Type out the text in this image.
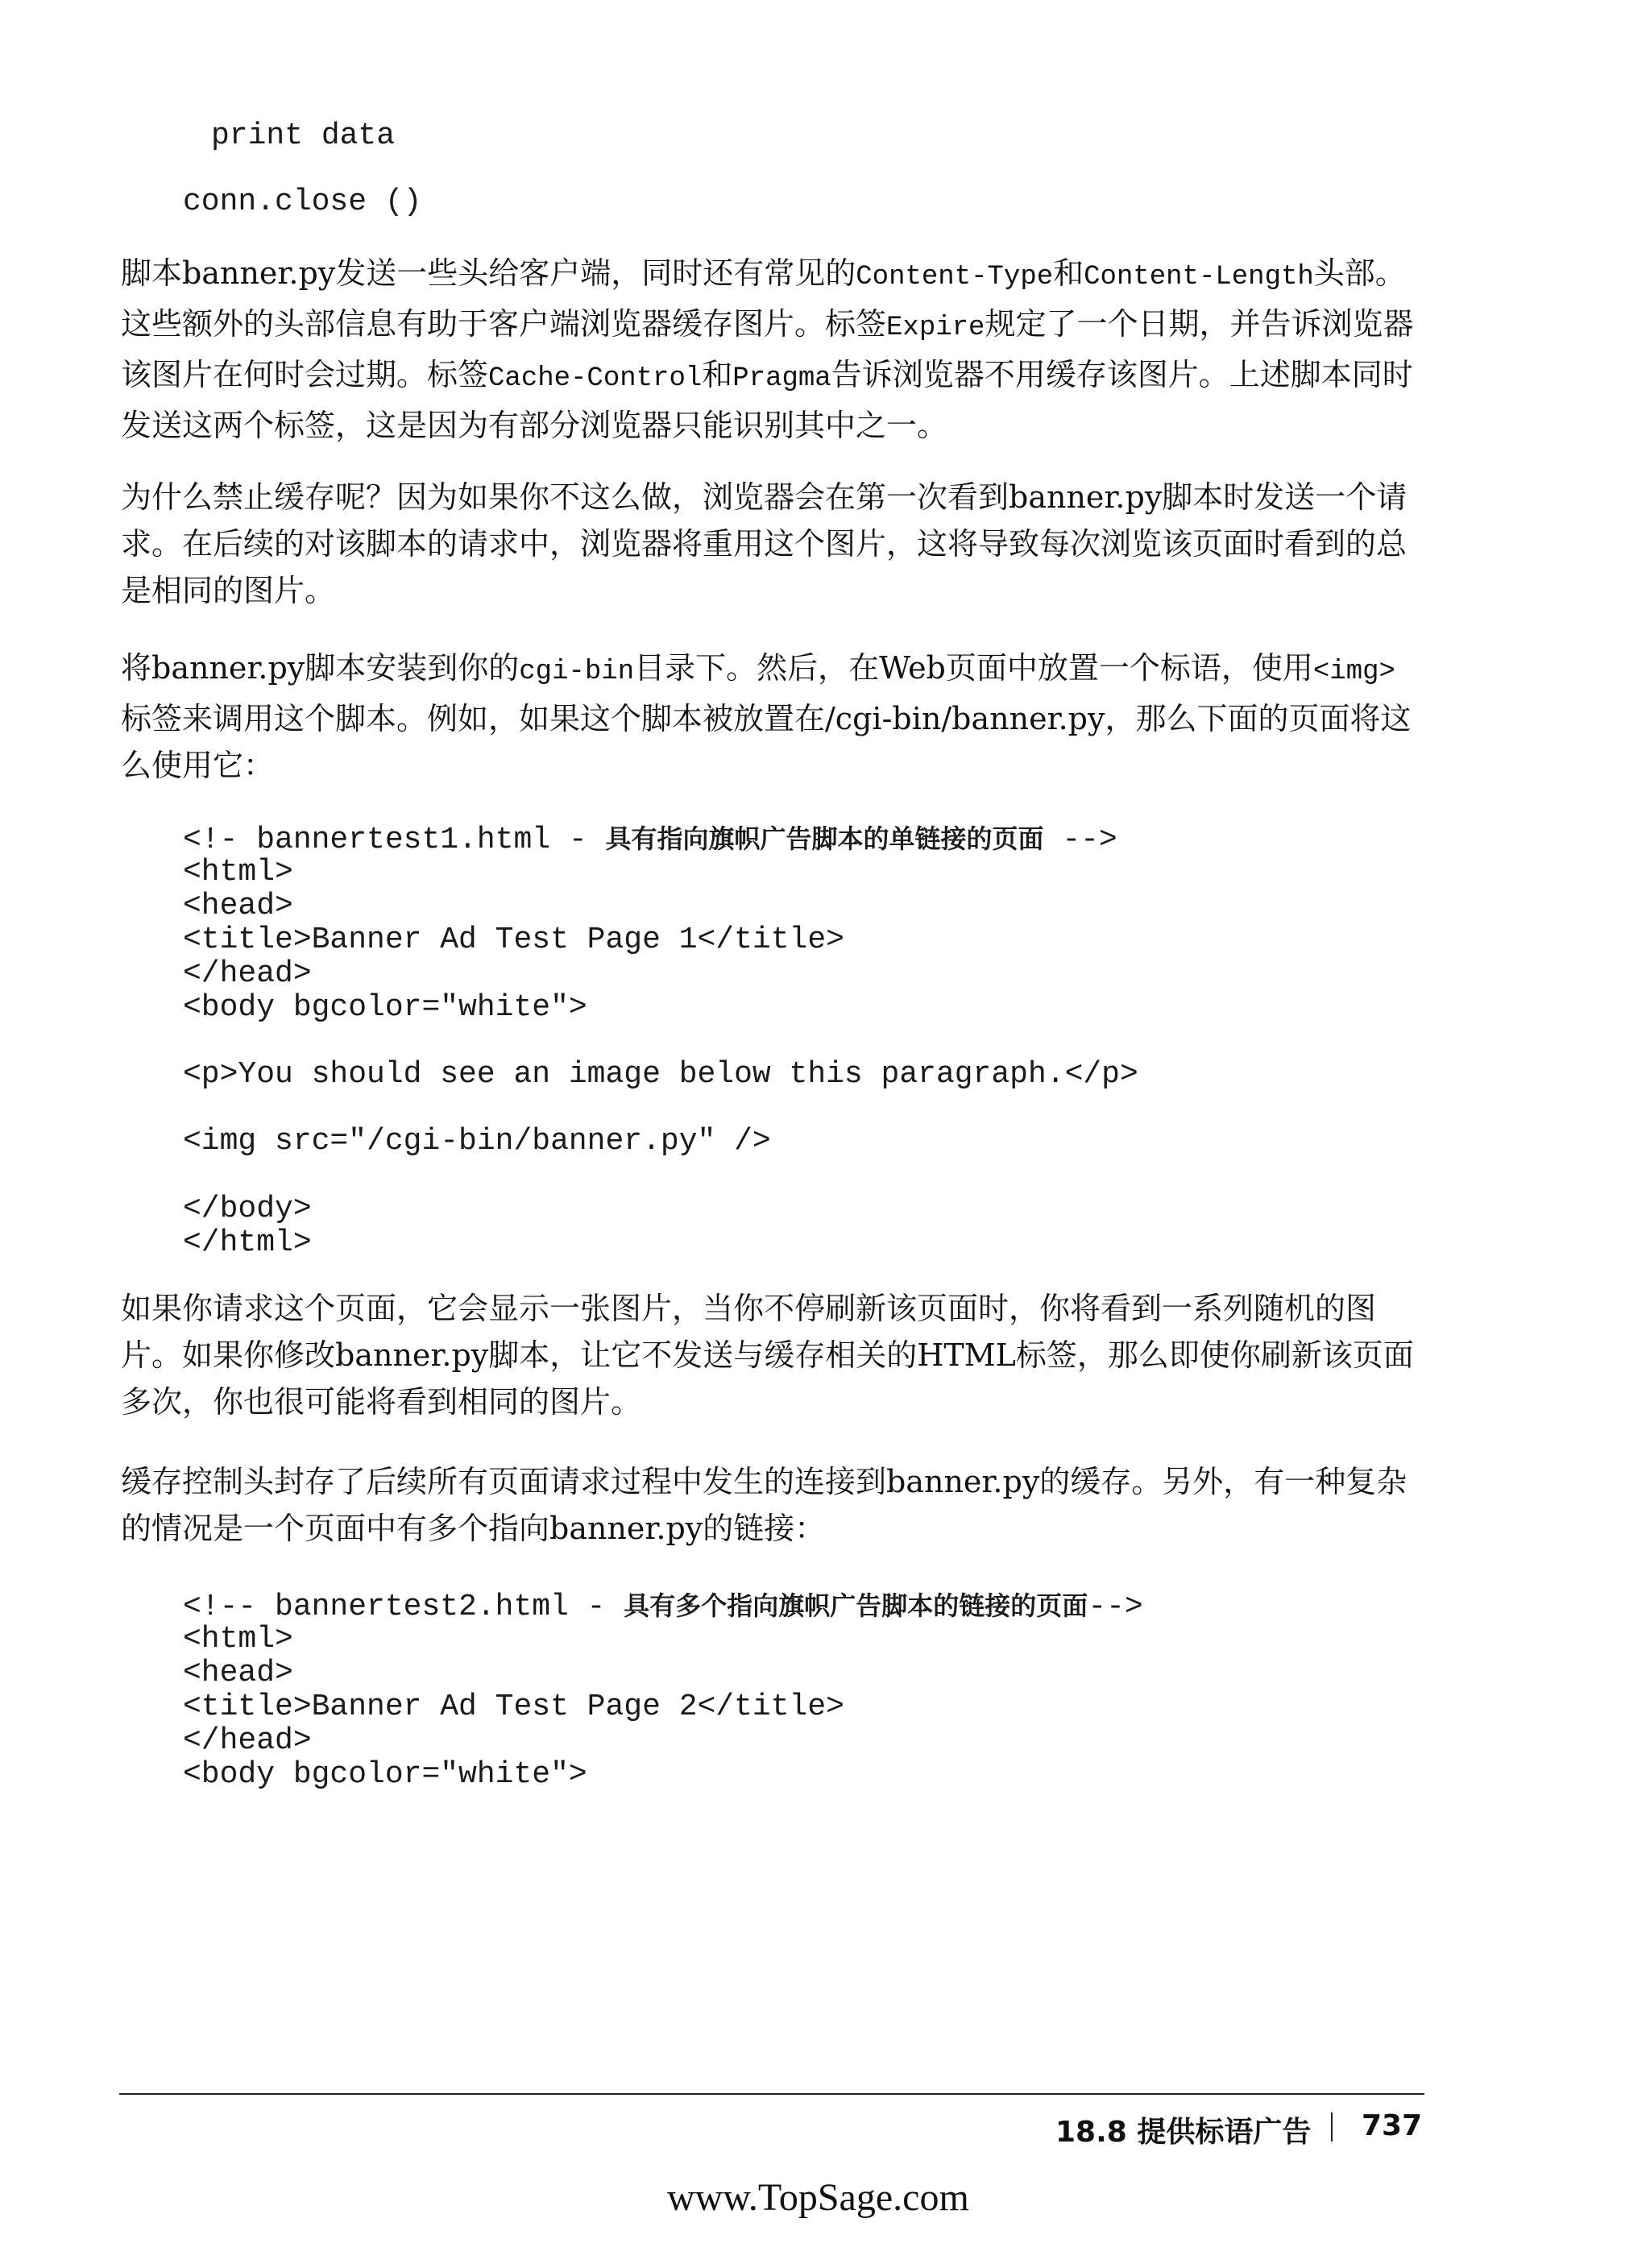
print data
conn.close ()

脚本banner.py发送一些头给客户端，同时还有常见的Content-Type和Content-Length头部。这些额外的头部信息有助于客户端浏览器缓存图片。标签Expire规定了一个日期，并告诉浏览器该图片在何时会过期。标签Cache-Control和Pragma告诉浏览器不用缓存该图片。上述脚本同时发送这两个标签，这是因为有部分浏览器只能识别其中之一。

为什么禁止缓存呢？因为如果你不这么做，浏览器会在第一次看到banner.py脚本时发送一个请求。在后续的对该脚本的请求中，浏览器将重用这个图片，这将导致每次浏览该页面时看到的总是相同的图片。

将banner.py脚本安装到你的cgi-bin目录下。然后，在Web页面中放置一个标语，使用<img>标签来调用这个脚本。例如，如果这个脚本被放置在/cgi-bin/banner.py，那么下面的页面将这么使用它：

<!- bannertest1.html - 具有指向旗帜广告脚本的单链接的页面 -->
<html>
<head>
<title>Banner Ad Test Page 1</title>
</head>
<body bgcolor="white">
<p>You should see an image below this paragraph.</p>
<img src="/cgi-bin/banner.py" />
</body>
</html>

如果你请求这个页面，它会显示一张图片，当你不停刷新该页面时，你将看到一系列随机的图片。如果你修改banner.py脚本，让它不发送与缓存相关的HTML标签，那么即使你刷新该页面多次，你也很可能将看到相同的图片。

缓存控制头封存了后续所有页面请求过程中发生的连接到banner.py的缓存。另外，有一种复杂的情况是一个页面中有多个指向banner.py的链接：

<!-- bannertest2.html - 具有多个指向旗帜广告脚本的链接的页面-->
<html>
<head>
<title>Banner Ad Test Page 2</title>
</head>
<body bgcolor="white">
18.8 提供标语广告 737
www.TopSage.com
